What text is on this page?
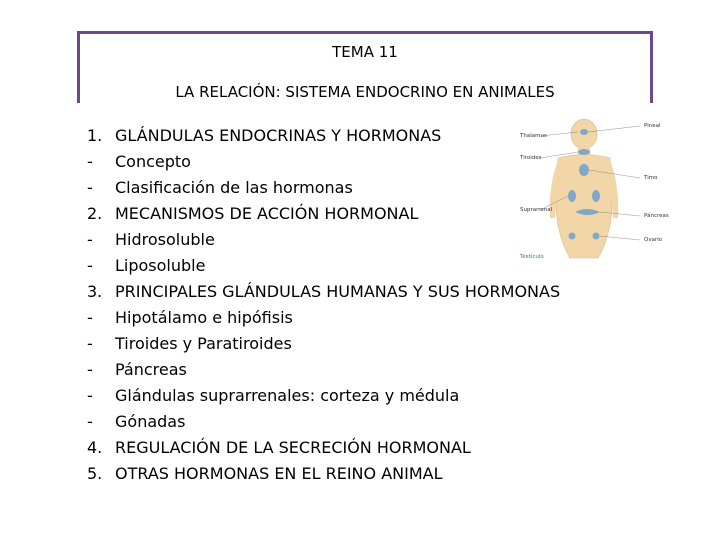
TEMA 11
LA RELACIÓN: SISTEMA ENDOCRINO EN ANIMALES
1. GLÁNDULAS ENDOCRINAS Y HORMONAS
-	Concepto
-	Clasificación de las hormonas
2. MECANISMOS DE ACCIÓN HORMONAL
-	Hidrosoluble
-	Liposoluble
3. PRINCIPALES GLÁNDULAS HUMANAS Y SUS HORMONAS
-	Hipotálamo e hipófisis
-	Tiroides y Paratiroides
-	Páncreas
-	Glándulas suprarrenales: corteza y médula
-	Gónadas
4. REGULACIÓN DE LA SECRECIÓN HORMONAL
5. OTRAS HORMONAS EN EL REINO ANIMAL
Pineal
Thalamus
Tiroides
Timo
Suprarrenal
Páncreas
Ovario
Testículo
